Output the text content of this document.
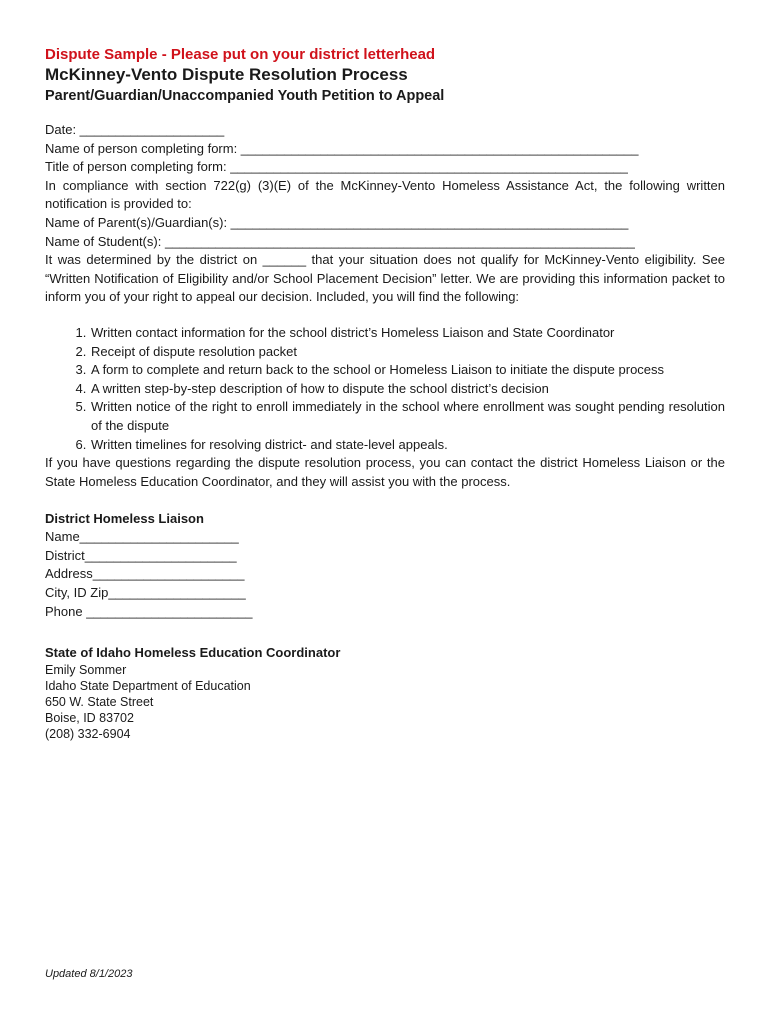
Dispute Sample - Please put on your district letterhead
McKinney-Vento Dispute Resolution Process
Parent/Guardian/Unaccompanied Youth Petition to Appeal
Date: ____________________
Name of person completing form: _______________________________________________________
Title of person completing form: _______________________________________________________
In compliance with section 722(g) (3)(E) of the McKinney-Vento Homeless Assistance Act, the following written notification is provided to:
Name of Parent(s)/Guardian(s): _______________________________________________________
Name of Student(s): _________________________________________________________________

It was determined by the district on ______ that your situation does not qualify for McKinney-Vento eligibility. See “Written Notification of Eligibility and/or School Placement Decision” letter. We are providing this information packet to inform you of your right to appeal our decision. Included, you will find the following:

1. Written contact information for the school district’s Homeless Liaison and State Coordinator
2. Receipt of dispute resolution packet
3. A form to complete and return back to the school or Homeless Liaison to initiate the dispute process
4. A written step-by-step description of how to dispute the school district’s decision
5. Written notice of the right to enroll immediately in the school where enrollment was sought pending resolution of the dispute
6. Written timelines for resolving district- and state-level appeals.

If you have questions regarding the dispute resolution process, you can contact the district Homeless Liaison or the State Homeless Education Coordinator, and they will assist you with the process.

District Homeless Liaison
Name______________________
District_____________________
Address_____________________
City, ID Zip___________________
Phone _______________________
State of Idaho Homeless Education Coordinator
Emily Sommer
Idaho State Department of Education
650 W. State Street
Boise, ID 83702
(208) 332-6904
Updated 8/1/2023
